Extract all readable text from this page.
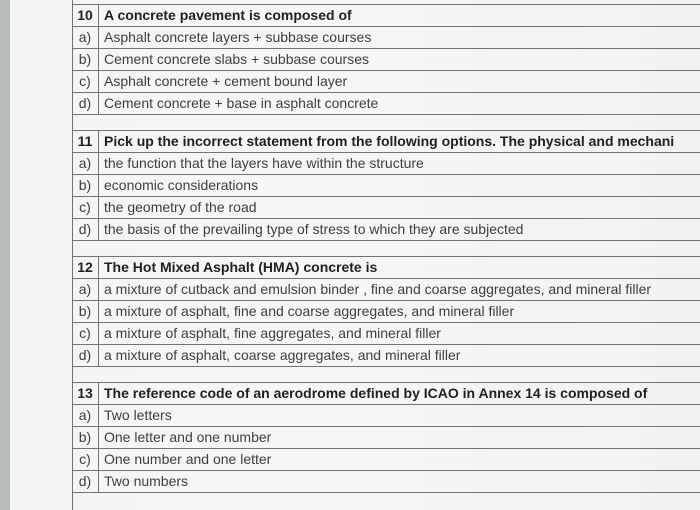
10 A concrete pavement is composed of
a) Asphalt concrete layers + subbase courses
b) Cement concrete slabs + subbase courses
c) Asphalt concrete + cement bound layer
d) Cement concrete + base in asphalt concrete
11 Pick up the incorrect statement from the following options. The physical and mechani
a) the function that the layers have within the structure
b) economic considerations
c) the geometry of the road
d) the basis of the prevailing type of stress to which they are subjected
12 The Hot Mixed Asphalt (HMA) concrete is
a) a mixture of cutback and emulsion binder , fine and coarse aggregates, and mineral filler
b) a mixture of asphalt, fine and coarse aggregates, and mineral filler
c) a mixture of asphalt, fine aggregates, and mineral filler
d) a mixture of asphalt, coarse aggregates, and mineral filler
13 The reference code of an aerodrome defined by ICAO in Annex 14 is composed of
a) Two letters
b) One letter and one number
c) One number and one letter
d) Two numbers
